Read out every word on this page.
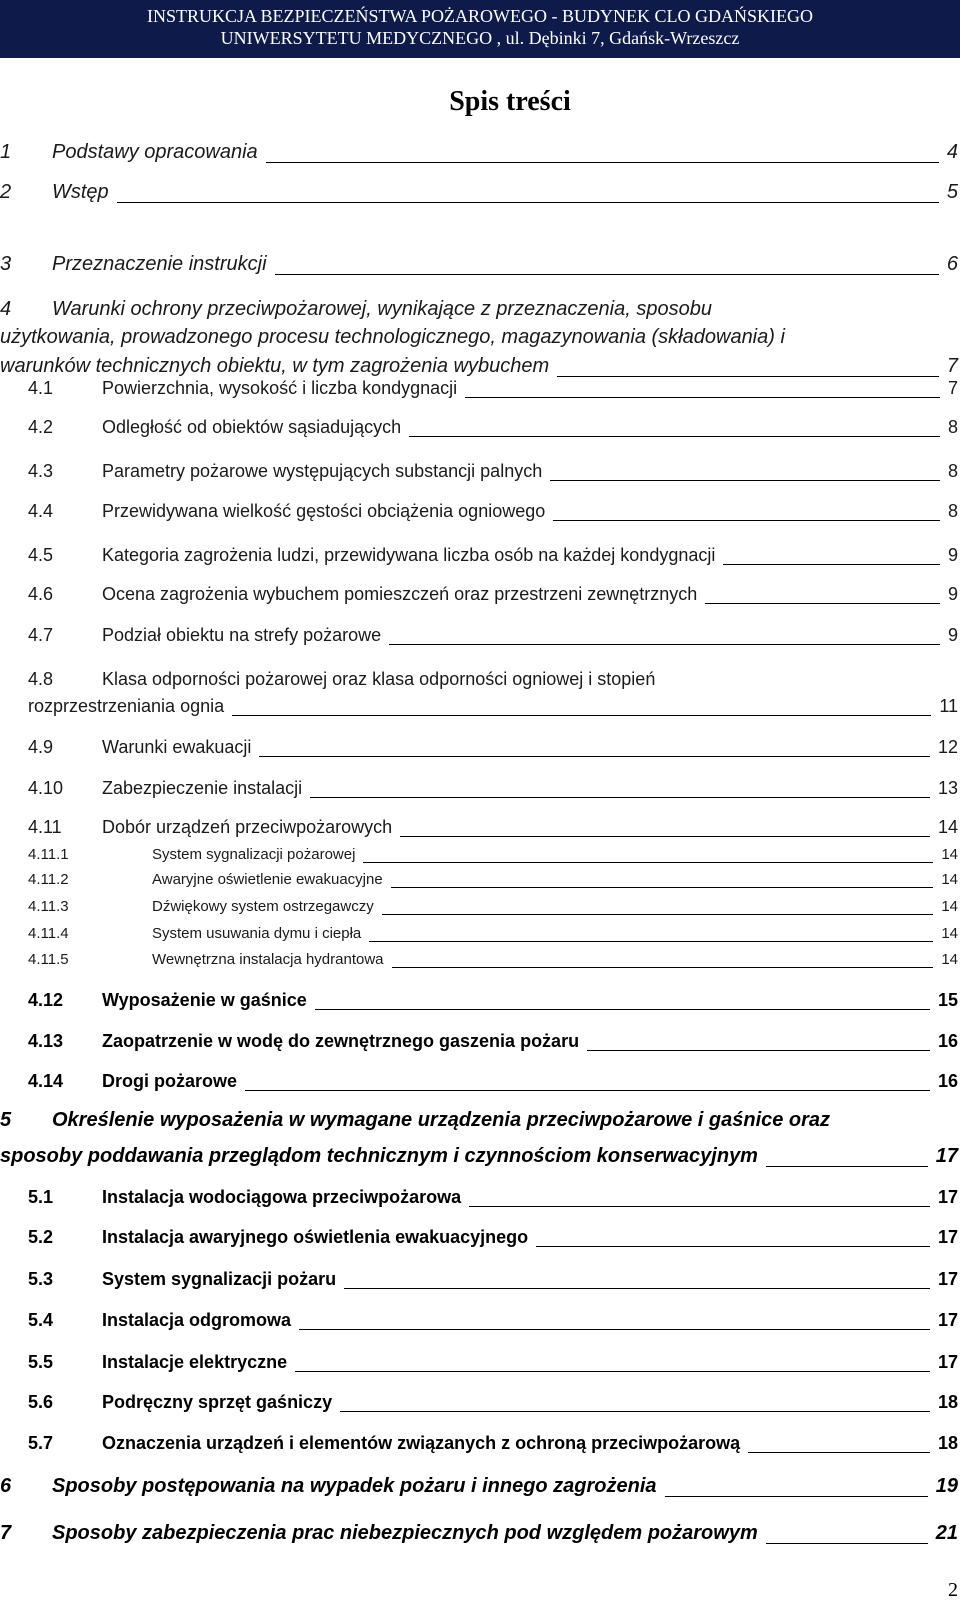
INSTRUKCJA BEZPIECZEŃSTWA POŻAROWEGO - BUDYNEK CLO GDAŃSKIEGO
UNIWERSYTETU MEDYCZNEGO , ul. Dębinki 7, Gdańsk-Wrzeszcz
Spis treści
1 Podstawy opracowania	4
2 Wstęp	5
3 Przeznaczenie instrukcji	6
4 Warunki ochrony przeciwpożarowej, wynikające z przeznaczenia, sposobu
użytkowania, prowadzonego procesu technologicznego, magazynowania (składowania) i
warunków technicznych obiektu, w tym zagrożenia wybuchem	7
4.1	Powierzchnia, wysokość i liczba kondygnacji	7
4.2	Odległość od obiektów sąsiadujących	8
4.3	Parametry pożarowe występujących substancji palnych	8
4.4	Przewidywana wielkość gęstości obciążenia ogniowego	8
4.5	Kategoria zagrożenia ludzi, przewidywana liczba osób na każdej kondygnacji	9
4.6	Ocena zagrożenia wybuchem pomieszczeń oraz przestrzeni zewnętrznych	9
4.7	Podział obiektu na strefy pożarowe	9
4.8	Klasa odporności pożarowej oraz klasa odporności ogniowej i stopień
rozprzestrzeniania ognia	11
4.9	Warunki ewakuacji	12
4.10 Zabezpieczenie instalacji	13
4.11 Dobór urządzeń przeciwpożarowych	14
4.11.1	System sygnalizacji pożarowej	14
4.11.2	Awaryjne oświetlenie ewakuacyjne	14
4.11.3	Dźwiękowy system ostrzegawczy	14
4.11.4	System usuwania dymu i ciepła	14
4.11.5	Wewnętrzna instalacja hydrantowa	14
4.12 Wyposażenie w gaśnice	15
4.13 Zaopatrzenie w wodę do zewnętrznego gaszenia pożaru	16
4.14 Drogi pożarowe	16
5 Określenie wyposażenia w wymagane urządzenia przeciwpożarowe i gaśnice oraz
sposoby poddawania przeglądom technicznym i czynnościom konserwacyjnym	17
5.1	Instalacja wodociągowa przeciwpożarowa	17
5.2	Instalacja awaryjnego oświetlenia ewakuacyjnego	17
5.3	System sygnalizacji pożaru	17
5.4	Instalacja odgromowa	17
5.5	Instalacje elektryczne	17
5.6	Podręczny sprzęt gaśniczy	18
5.7	Oznaczenia urządzeń i elementów związanych z ochroną przeciwpożarową	18
6 Sposoby postępowania na wypadek pożaru i innego zagrożenia	19
7 Sposoby zabezpieczenia prac niebezpiecznych pod względem pożarowym	21
2
